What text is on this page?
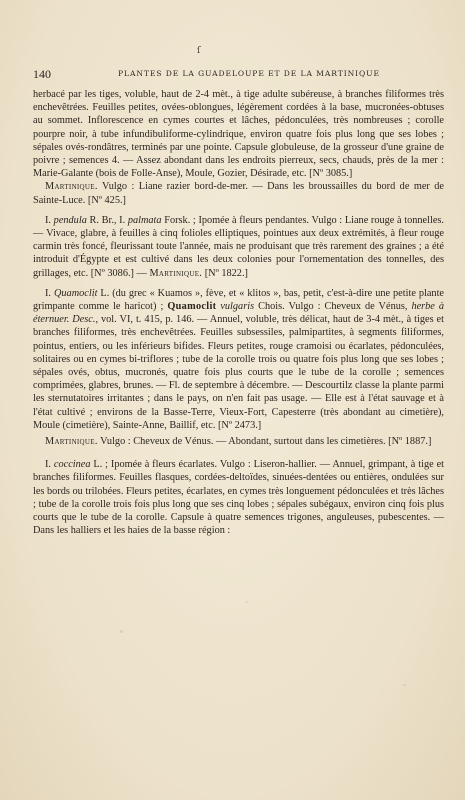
ſ
140	PLANTES DE LA GUADELOUPE ET DE LA MARTINIQUE

herbacé par les tiges, voluble, haut de 2-4 mèt., à tige adulte subéreuse, à branches filiformes très enchevêtrées. Feuilles petites, ovées-oblongues, légèrement cordées à la base, mucronées-obtuses au sommet. Inflorescence en cymes courtes et lâches, pédonculées, très nombreuses ; corolle pourpre noir, à tube infundibuliforme-cylindrique, environ quatre fois plus long que ses lobes ; sépales ovés-rondâtres, terminés par une pointe. Capsule globuleuse, de la grosseur d'une graine de poivre ; semences 4. — Assez abondant dans les endroits pierreux, secs, chauds, près de la mer : Marie-Galante (bois de Folle-Anse), Moule, Gozier, Désirade, etc. [Nº 3085.]

Martinique. Vulgo : Liane razier bord-de-mer. — Dans les broussailles du bord de mer de Sainte-Luce. [Nº 425.]

I. pendula R. Br., I. palmata Forsk. ; Ipomée à fleurs pendantes. Vulgo : Liane rouge à tonnelles. — Vivace, glabre, à feuilles à cinq folioles elliptiques, pointues aux deux extrémités, à fleur rouge carmin très foncé, fleurissant toute l'année, mais ne produisant que très rarement des graines ; a été introduit d'Égypte et est cultivé dans les deux colonies pour l'ornementation des tonnelles, des grillages, etc. [Nº 3086.] — Martinique. [Nº 1822.]

I. Quamoclit L. (du grec « Kuamos », fève, et « klitos », bas, petit, c'est-à-dire une petite plante grimpante comme le haricot) ; Quamoclit vulgaris Chois. Vulgo : Cheveux de Vénus, herbe à éternuer. Desc., vol. VI, t. 415, p. 146. — Annuel, voluble, très délicat, haut de 3-4 mèt., à tiges et branches filiformes, très enchevêtrées. Feuilles subsessiles, palmipartites, à segments filiformes, pointus, entiers, ou les inférieurs bifides. Fleurs petites, rouge cramoisi ou écarlates, pédonculées, solitaires ou en cymes bi-triflores ; tube de la corolle trois ou quatre fois plus long que ses lobes ; sépales ovés, obtus, mucronés, quatre fois plus courts que le tube de la corolle ; semences comprimées, glabres, brunes. — Fl. de septembre à décembre. — Descourtilz classe la plante parmi les sternutatoires irritantes ; dans le pays, on n'en fait pas usage. — Elle est à l'état sauvage et à l'état cultivé ; environs de la Basse-Terre, Vieux-Fort, Capesterre (très abondant au cimetière), Moule (cimetière), Sainte-Anne, Baillif, etc. [Nº 2473.]

Martinique. Vulgo : Cheveux de Vénus. — Abondant, surtout dans les cimetières. [Nº 1887.]

I. coccinea L. ; Ipomée à fleurs écarlates. Vulgo : Liseron-hallier. — Annuel, grimpant, à tige et branches filiformes. Feuilles flasques, cordées-deltoïdes, sinuées-dentées ou entières, ondulées sur les bords ou trilobées. Fleurs petites, écarlates, en cymes très longuement pédonculées et très lâches ; tube de la corolle trois fois plus long que ses cinq lobes ; sépales subégaux, environ cinq fois plus courts que le tube de la corolle. Capsule à quatre semences trigones, anguleuses, pubescentes. — Dans les halliers et les haies de la basse région :
